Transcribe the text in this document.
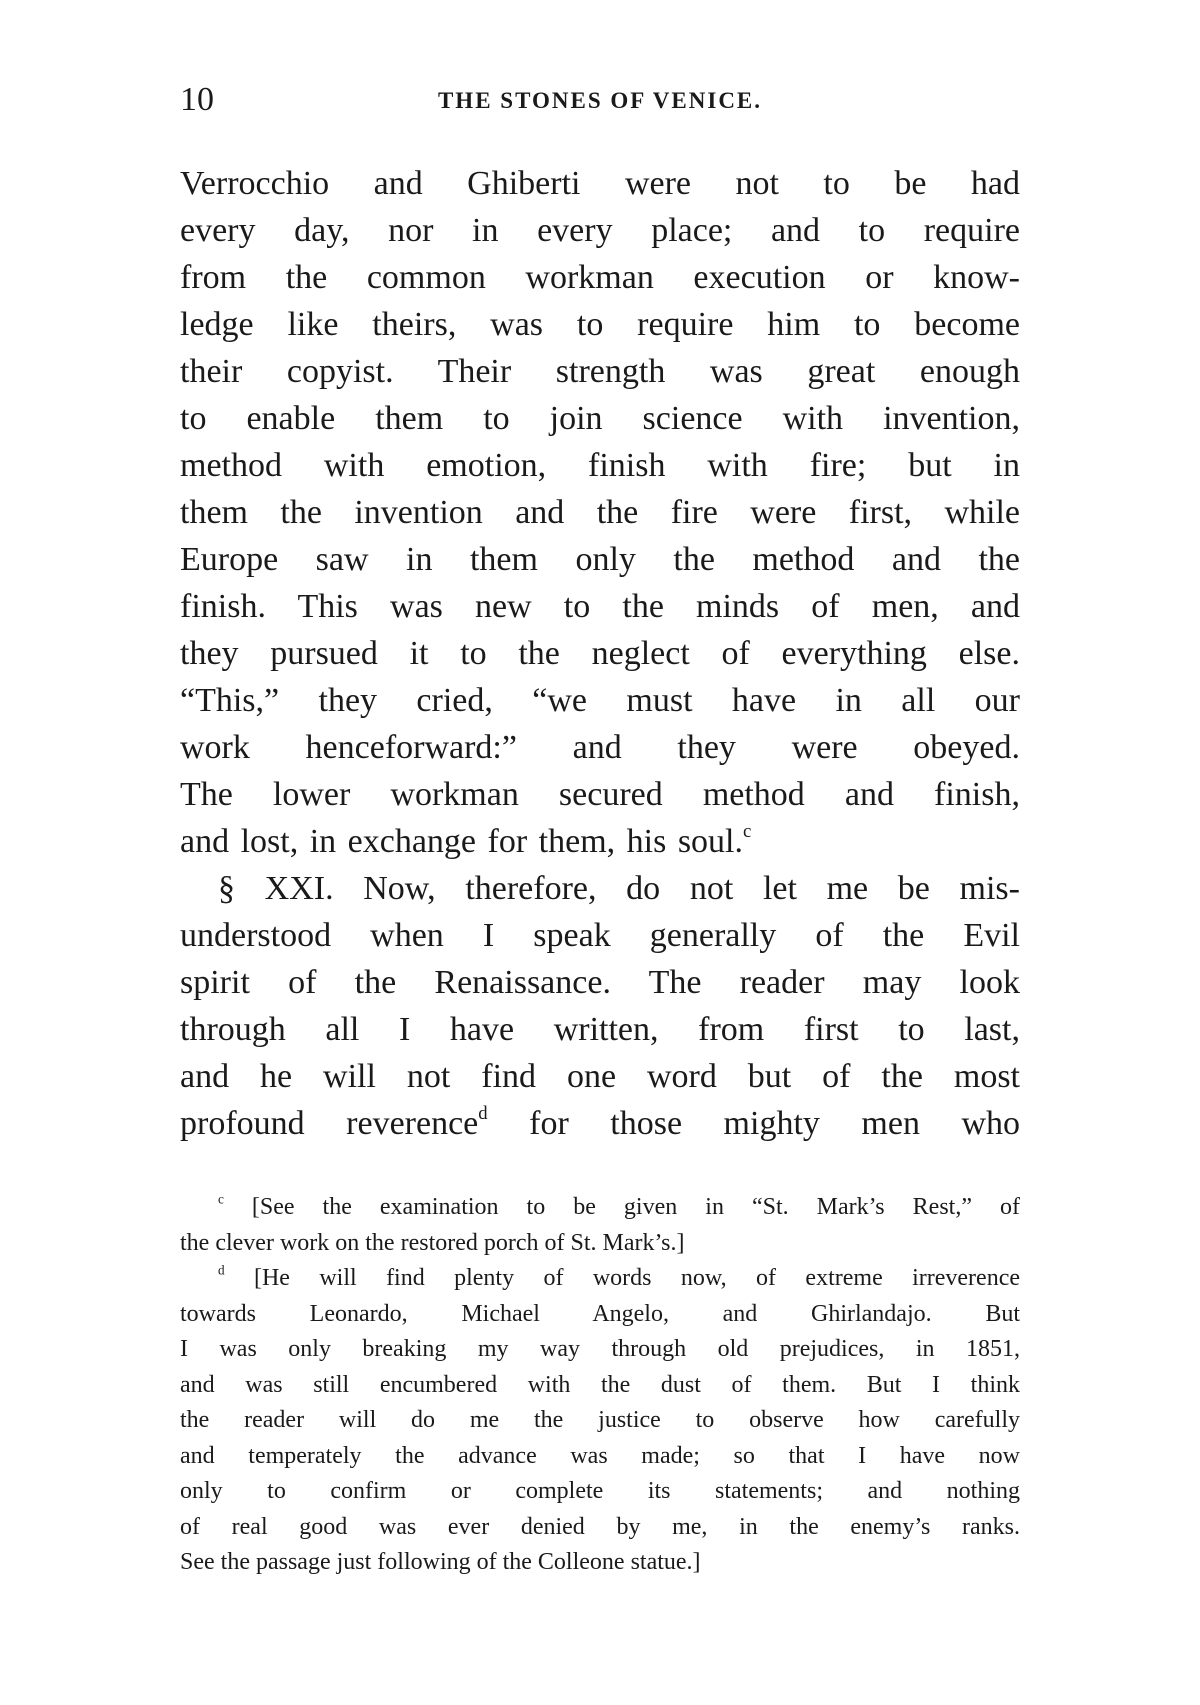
10	THE STONES OF VENICE.
Verrocchio and Ghiberti were not to be had
every day, nor in every place; and to require
from the common workman execution or know-
ledge like theirs, was to require him to become
their copyist. Their strength was great enough
to enable them to join science with invention,
method with emotion, finish with fire; but in
them the invention and the fire were first, while
Europe saw in them only the method and the
finish. This was new to the minds of men, and
they pursued it to the neglect of everything else.
“This,” they cried, “we must have in all our
work henceforward:” and they were obeyed.
The lower workman secured method and finish,
and lost, in exchange for them, his soul.$^c$
§ XXI. Now, therefore, do not let me be mis-
understood when I speak generally of the Evil
spirit of the Renaissance. The reader may look
through all I have written, from first to last,
and he will not find one word but of the most
profound reverence$^d$ for those mighty men who
$^c$ [See the examination to be given in “St. Mark’s Rest,” of
the clever work on the restored porch of St. Mark’s.]
$^d$ [He will find plenty of words now, of extreme irreverence
towards Leonardo, Michael Angelo, and Ghirlandajo. But
I was only breaking my way through old prejudices, in 1851,
and was still encumbered with the dust of them. But I think
the reader will do me the justice to observe how carefully
and temperately the advance was made; so that I have now
only to confirm or complete its statements; and nothing
of real good was ever denied by me, in the enemy’s ranks.
See the passage just following of the Colleone statue.]
